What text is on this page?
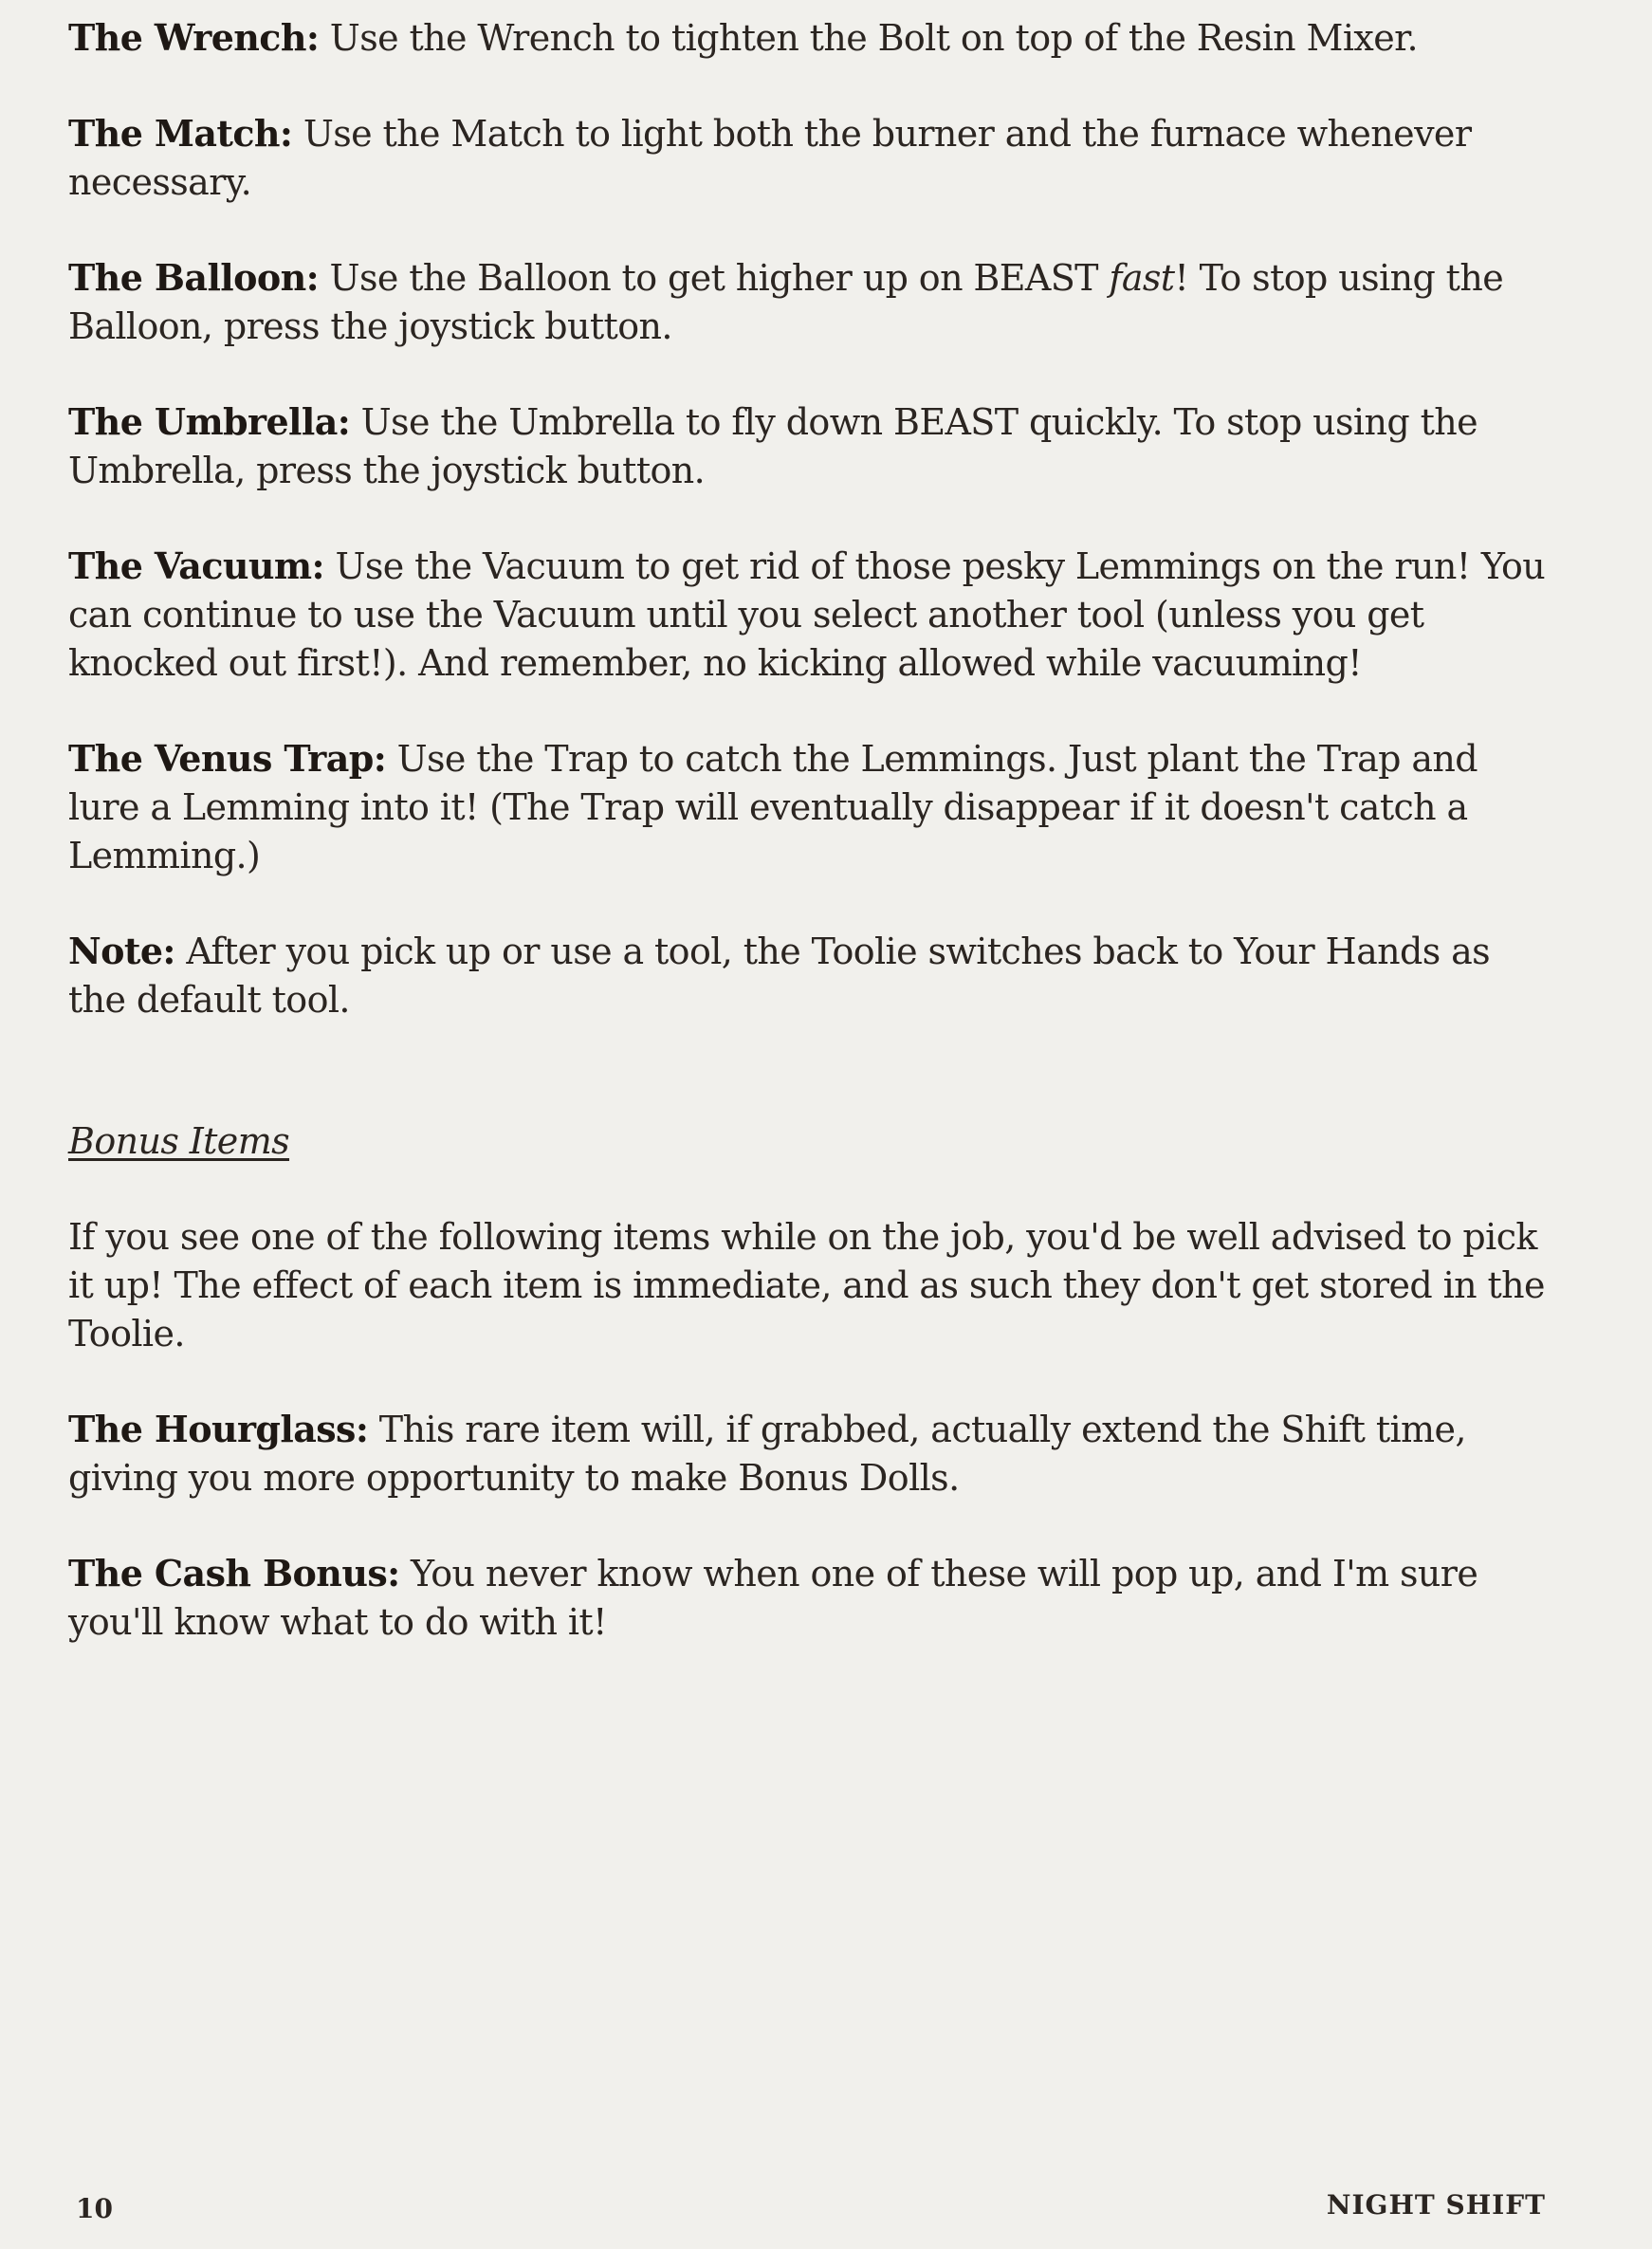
The Wrench: Use the Wrench to tighten the Bolt on top of the Resin Mixer.

The Match: Use the Match to light both the burner and the furnace whenever necessary.

The Balloon: Use the Balloon to get higher up on BEAST fast! To stop using the Balloon, press the joystick button.

The Umbrella: Use the Umbrella to fly down BEAST quickly. To stop using the Umbrella, press the joystick button.

The Vacuum: Use the Vacuum to get rid of those pesky Lemmings on the run! You can continue to use the Vacuum until you select another tool (unless you get knocked out first!). And remember, no kicking allowed while vacuuming!

The Venus Trap: Use the Trap to catch the Lemmings. Just plant the Trap and lure a Lemming into it! (The Trap will eventually disappear if it doesn't catch a Lemming.)

Note: After you pick up or use a tool, the Toolie switches back to Your Hands as the default tool.

Bonus Items

If you see one of the following items while on the job, you'd be well advised to pick it up! The effect of each item is immediate, and as such they don't get stored in the Toolie.

The Hourglass: This rare item will, if grabbed, actually extend the Shift time, giving you more opportunity to make Bonus Dolls.

The Cash Bonus: You never know when one of these will pop up, and I'm sure you'll know what to do with it!

10	NIGHT SHIFT
